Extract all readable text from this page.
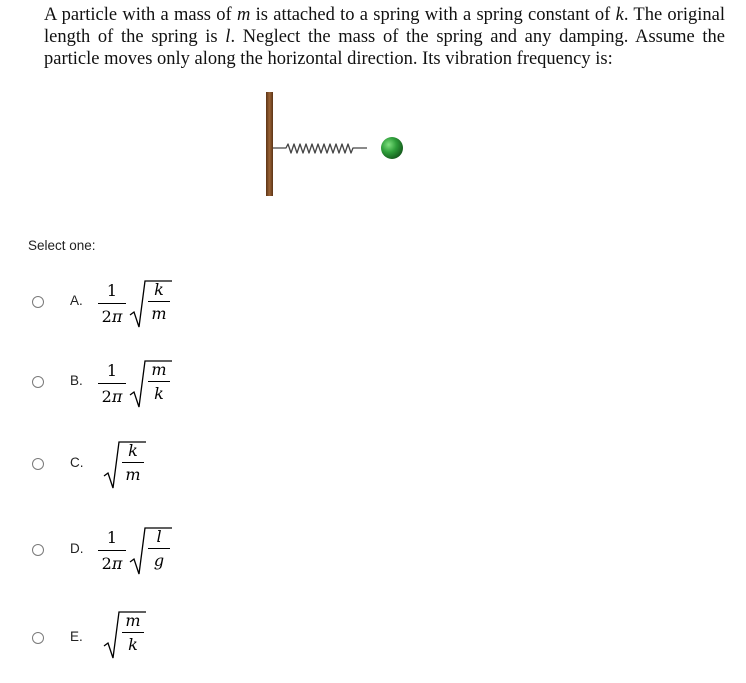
A particle with a mass of m is attached to a spring with a spring constant of k. The original length of the spring is l. Neglect the mass of the spring and any damping. Assume the particle moves only along the horizontal direction. Its vibration frequency is:

Select one:
A.
1
2π
k
m
B.
1
2π
m
k
C.
k
m
D.
1
2π
l
g
E.
m
k
